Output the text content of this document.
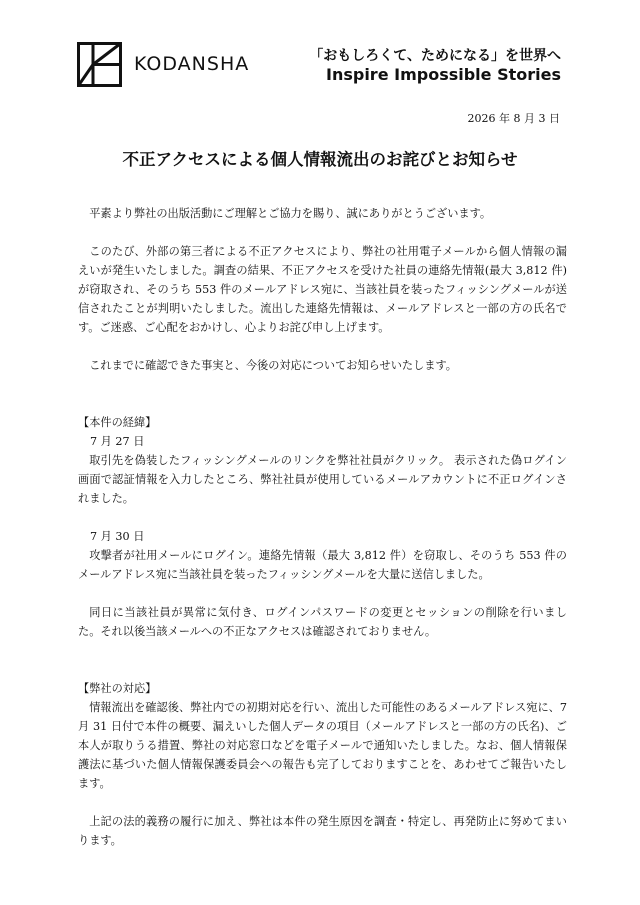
KODANSHA	「おもしろくて、ためになる」を世界へ
Inspire Impossible Stories
2026 年 8 月 3 日
不正アクセスによる個人情報流出のお詫びとお知らせ

平素より弊社の出版活動にご理解とご協力を賜り、誠にありがとうございます。

このたび、外部の第三者による不正アクセスにより、弊社の社用電子メールから個人情報の漏えいが発生いたしました。調査の結果、不正アクセスを受けた社員の連絡先情報(最大 3,812 件)が窃取され、そのうち 553 件のメールアドレス宛に、当該社員を装ったフィッシングメールが送信されたことが判明いたしました。流出した連絡先情報は、メールアドレスと一部の方の氏名です。ご迷惑、ご心配をおかけし、心よりお詫び申し上げます。

これまでに確認できた事実と、今後の対応についてお知らせいたします。

【本件の経緯】

7 月 27 日

取引先を偽装したフィッシングメールのリンクを弊社社員がクリック。 表示された偽ログイン画面で認証情報を入力したところ、弊社社員が使用しているメールアカウントに不正ログインされました。

7 月 30 日

攻撃者が社用メールにログイン。連絡先情報（最大 3,812 件）を窃取し、そのうち 553 件のメールアドレス宛に当該社員を装ったフィッシングメールを大量に送信しました。

同日に当該社員が異常に気付き、ログインパスワードの変更とセッションの削除を行いました。それ以後当該メールへの不正なアクセスは確認されておりません。

【弊社の対応】

情報流出を確認後、弊社内での初期対応を行い、流出した可能性のあるメールアドレス宛に、7 月 31 日付で本件の概要、漏えいした個人データの項目（メールアドレスと一部の方の氏名)、ご本人が取りうる措置、弊社の対応窓口などを電子メールで通知いたしました。なお、個人情報保護法に基づいた個人情報保護委員会への報告も完了しておりますことを、あわせてご報告いたします。

上記の法的義務の履行に加え、弊社は本件の発生原因を調査・特定し、再発防止に努めてまいります。
